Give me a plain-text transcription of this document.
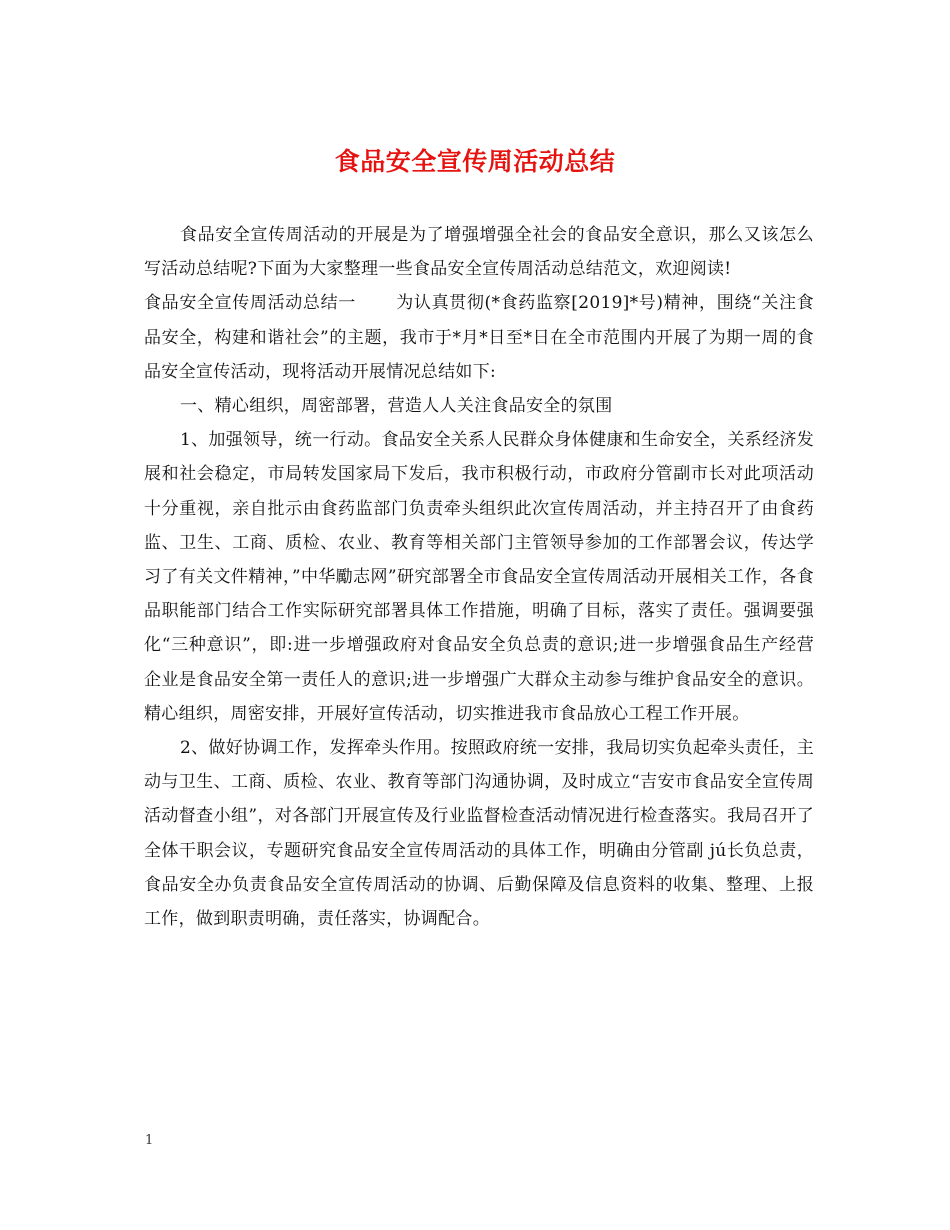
食品安全宣传周活动总结

食品安全宣传周活动的开展是为了增强增强全社会的食品安全意识，那么又该怎么写活动总结呢?下面为大家整理一些食品安全宣传周活动总结范文，欢迎阅读!

食品安全宣传周活动总结一 为认真贯彻(*食药监察[2019]*号)精神，围绕“关注食品安全，构建和谐社会”的主题，我市于*月*日至*日在全市范围内开展了为期一周的食品安全宣传活动，现将活动开展情况总结如下:

一、精心组织，周密部署，营造人人关注食品安全的氛围

1、加强领导，统一行动。食品安全关系人民群众身体健康和生命安全，关系经济发展和社会稳定，市局转发国家局下发后，我市积极行动，市政府分管副市长对此项活动十分重视，亲自批示由食药监部门负责牵头组织此次宣传周活动，并主持召开了由食药监、卫生、工商、质检、农业、教育等相关部门主管领导参加的工作部署会议，传达学习了有关文件精神，”中华勵志网”研究部署全市食品安全宣传周活动开展相关工作，各食品职能部门结合工作实际研究部署具体工作措施，明确了目标，落实了责任。强调要强化“三种意识”，即:进一步增强政府对食品安全负总责的意识;进一步增强食品生产经营企业是食品安全第一责任人的意识;进一步增强广大群众主动参与维护食品安全的意识。精心组织，周密安排，开展好宣传活动，切实推进我市食品放心工程工作开展。

2、做好协调工作，发挥牵头作用。按照政府统一安排，我局切实负起牵头责任，主动与卫生、工商、质检、农业、教育等部门沟通协调，及时成立“吉安市食品安全宣传周活动督查小组”，对各部门开展宣传及行业监督检查活动情况进行检查落实。我局召开了全体干职会议，专题研究食品安全宣传周活动的具体工作，明确由分管副 jú长负总责，食品安全办负责食品安全宣传周活动的协调、后勤保障及信息资料的收集、整理、上报工作，做到职责明确，责任落实，协调配合。

1
